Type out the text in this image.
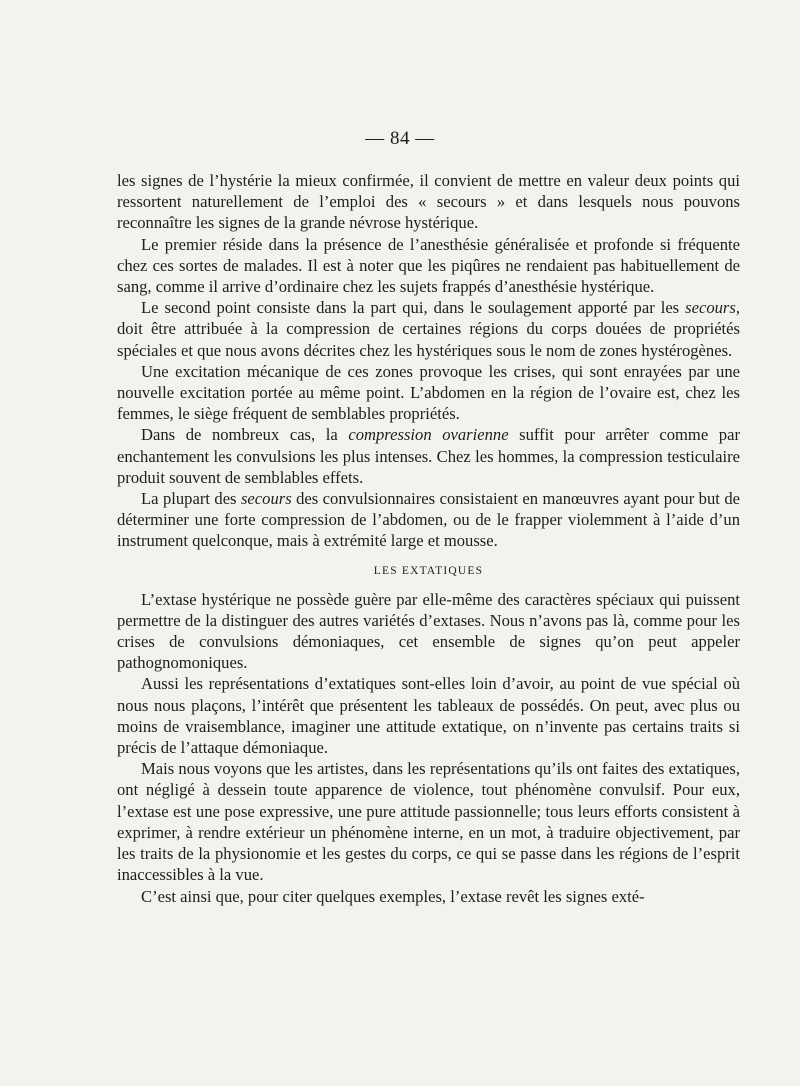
— 84 —

les signes de l’hystérie la mieux confirmée, il convient de mettre en valeur deux points qui ressortent naturellement de l’emploi des « secours » et dans lesquels nous pouvons reconnaître les signes de la grande névrose hystérique.

Le premier réside dans la présence de l’anesthésie généralisée et profonde si fréquente chez ces sortes de malades. Il est à noter que les piqûres ne rendaient pas habituellement de sang, comme il arrive d’ordinaire chez les sujets frappés d’anesthésie hystérique.

Le second point consiste dans la part qui, dans le soulagement apporté par les secours, doit être attribuée à la compression de certaines régions du corps douées de propriétés spéciales et que nous avons décrites chez les hystériques sous le nom de zones hystérogènes.

Une excitation mécanique de ces zones provoque les crises, qui sont enrayées par une nouvelle excitation portée au même point. L’abdomen en la région de l’ovaire est, chez les femmes, le siège fréquent de semblables propriétés.

Dans de nombreux cas, la compression ovarienne suffit pour arrêter comme par enchantement les convulsions les plus intenses. Chez les hommes, la compression testiculaire produit souvent de semblables effets.

La plupart des secours des convulsionnaires consistaient en manœuvres ayant pour but de déterminer une forte compression de l’abdomen, ou de le frapper violemment à l’aide d’un instrument quelconque, mais à extrémité large et mousse.

LES EXTATIQUES

L’extase hystérique ne possède guère par elle-même des caractères spéciaux qui puissent permettre de la distinguer des autres variétés d’extases. Nous n’avons pas là, comme pour les crises de convulsions démoniaques, cet ensemble de signes qu’on peut appeler pathognomoniques.

Aussi les représentations d’extatiques sont-elles loin d’avoir, au point de vue spécial où nous nous plaçons, l’intérêt que présentent les tableaux de possédés. On peut, avec plus ou moins de vraisemblance, imaginer une attitude extatique, on n’invente pas certains traits si précis de l’attaque démoniaque.

Mais nous voyons que les artistes, dans les représentations qu’ils ont faites des extatiques, ont négligé à dessein toute apparence de violence, tout phénomène convulsif. Pour eux, l’extase est une pose expressive, une pure attitude passionnelle; tous leurs efforts consistent à exprimer, à rendre extérieur un phénomène interne, en un mot, à traduire objectivement, par les traits de la physionomie et les gestes du corps, ce qui se passe dans les régions de l’esprit inaccessibles à la vue.

C’est ainsi que, pour citer quelques exemples, l’extase revêt les signes exté-
